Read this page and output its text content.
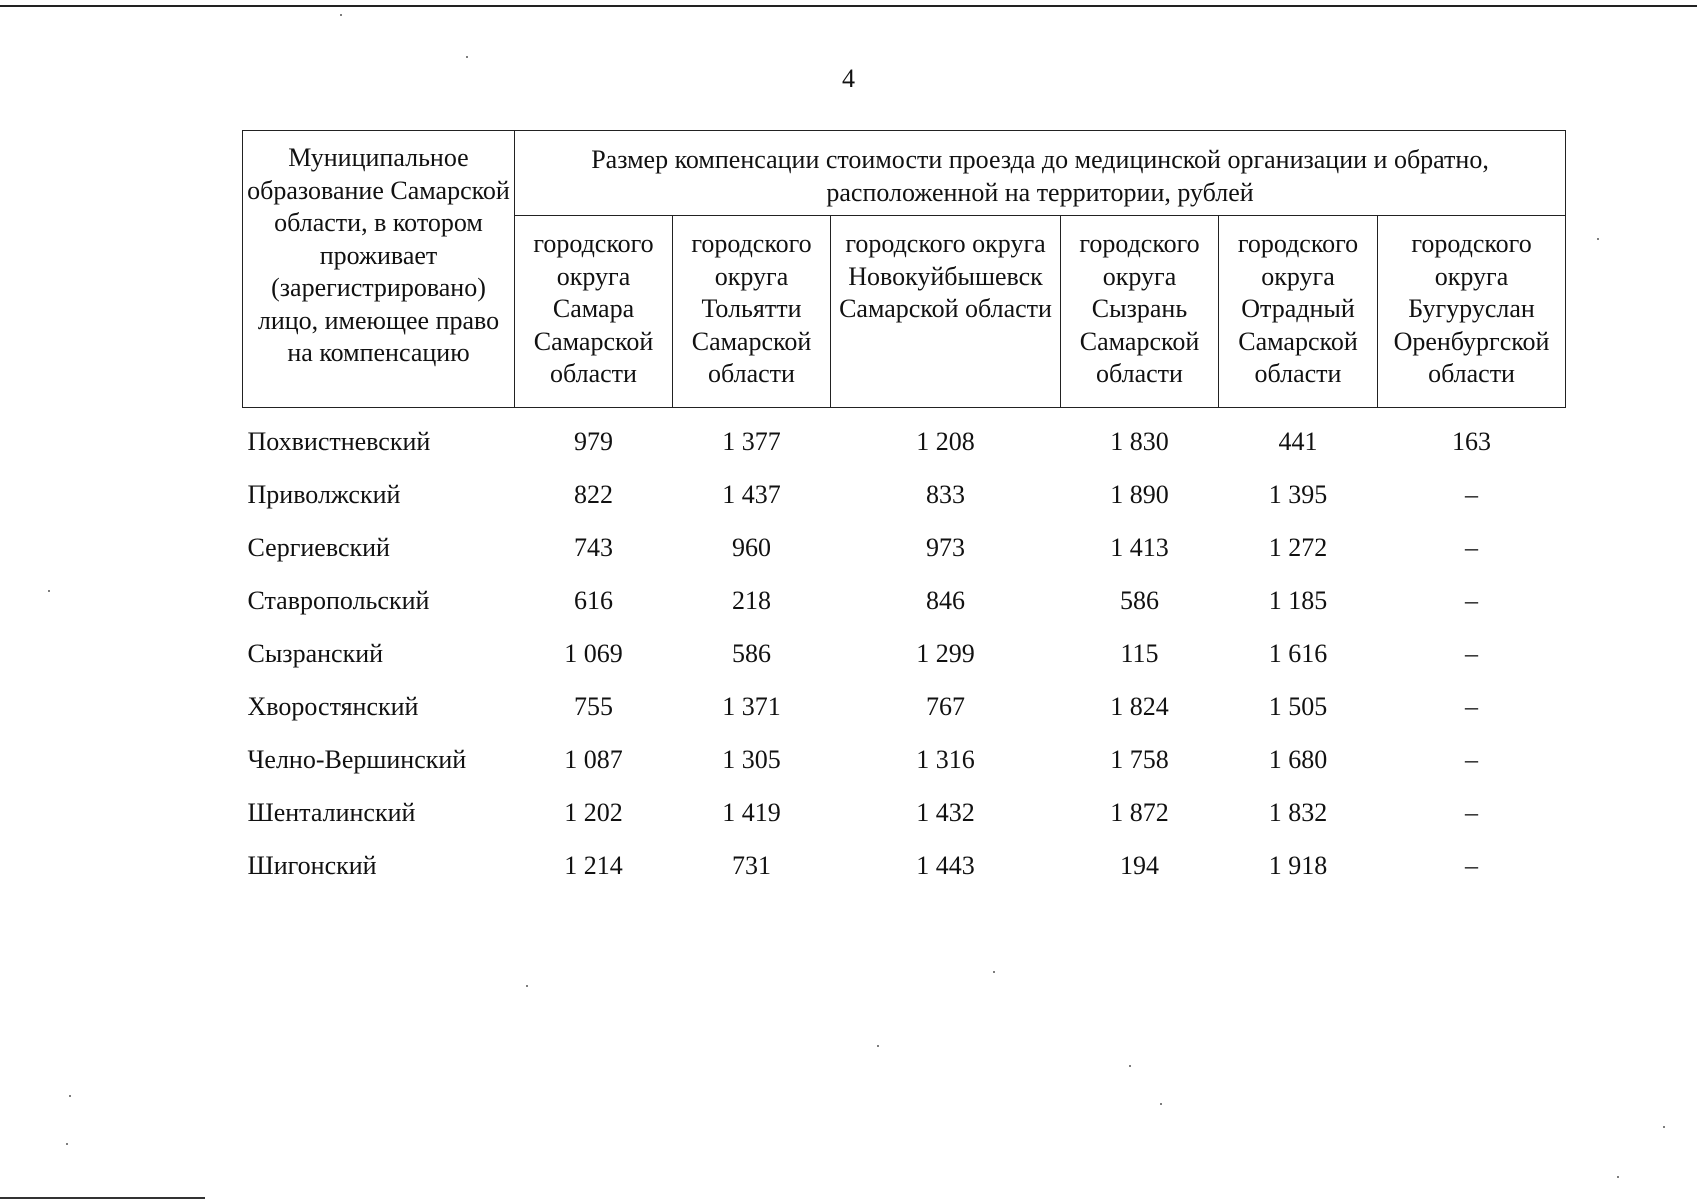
4
Муниципальное образование Самарской области, в котором проживает (зарегистрировано) лицо, имеющее право на компенсацию	Размер компенсации стоимости проезда до медицинской организации и обратно, расположенной на территории, рублей					
	городского округа Самара Самарской области	городского округа Тольятти Самарской области	городского округа Новокуйбышевск Самарской области	городского округа Сызрань Самарской области	городского округа Отрадный Самарской области	городского округа Бугуруслан Оренбургской области
Похвистневский	979	1 377	1 208	1 830	441	163
Приволжский	822	1 437	833	1 890	1 395	–
Сергиевский	743	960	973	1 413	1 272	–
Ставропольский	616	218	846	586	1 185	–
Сызранский	1 069	586	1 299	115	1 616	–
Хворостянский	755	1 371	767	1 824	1 505	–
Челно-Вершинский	1 087	1 305	1 316	1 758	1 680	–
Шенталинский	1 202	1 419	1 432	1 872	1 832	–
Шигонский	1 214	731	1 443	194	1 918	–
